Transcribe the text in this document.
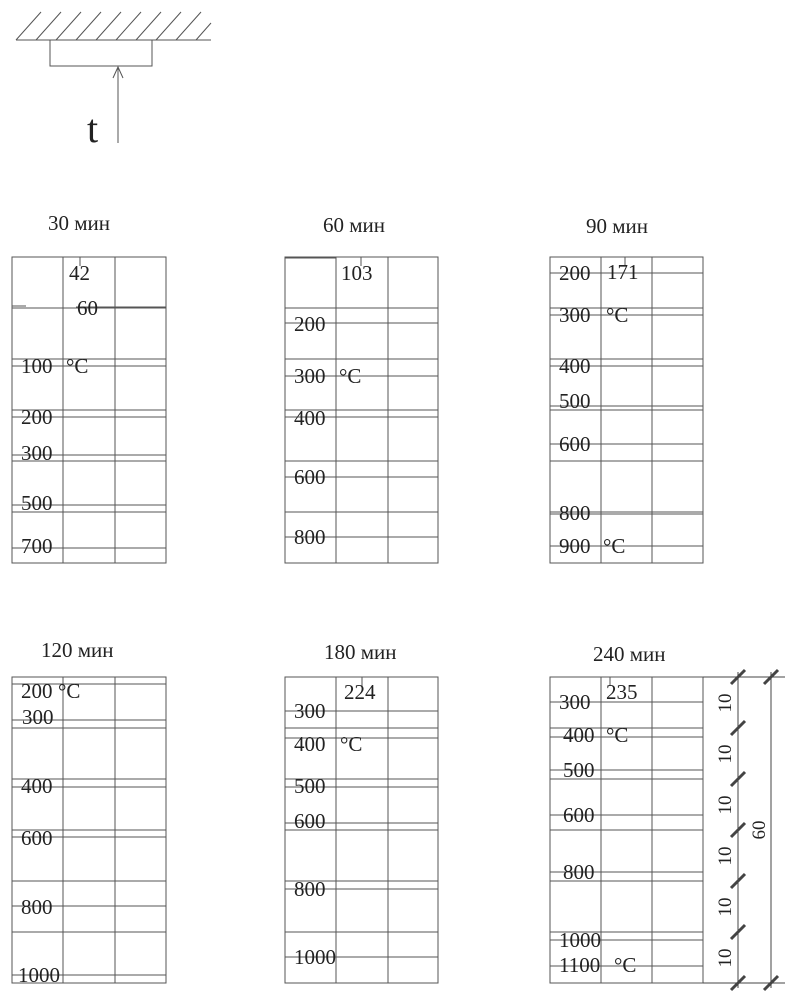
t
30 мин
42
60
100 °C
200
300
500
700
60 мин
103
200
300 °C
400
600
800
90 мин
200 171
300 °C
400
500
600
800
900 °C
120 мин
200 °C
300
400
600
800
1000
180 мин
224
300
400 °C
500
600
800
1000
240 мин
235
300
400 °C
500
600
800
1000
1100 °C
10
10
10
10
10
10
60
